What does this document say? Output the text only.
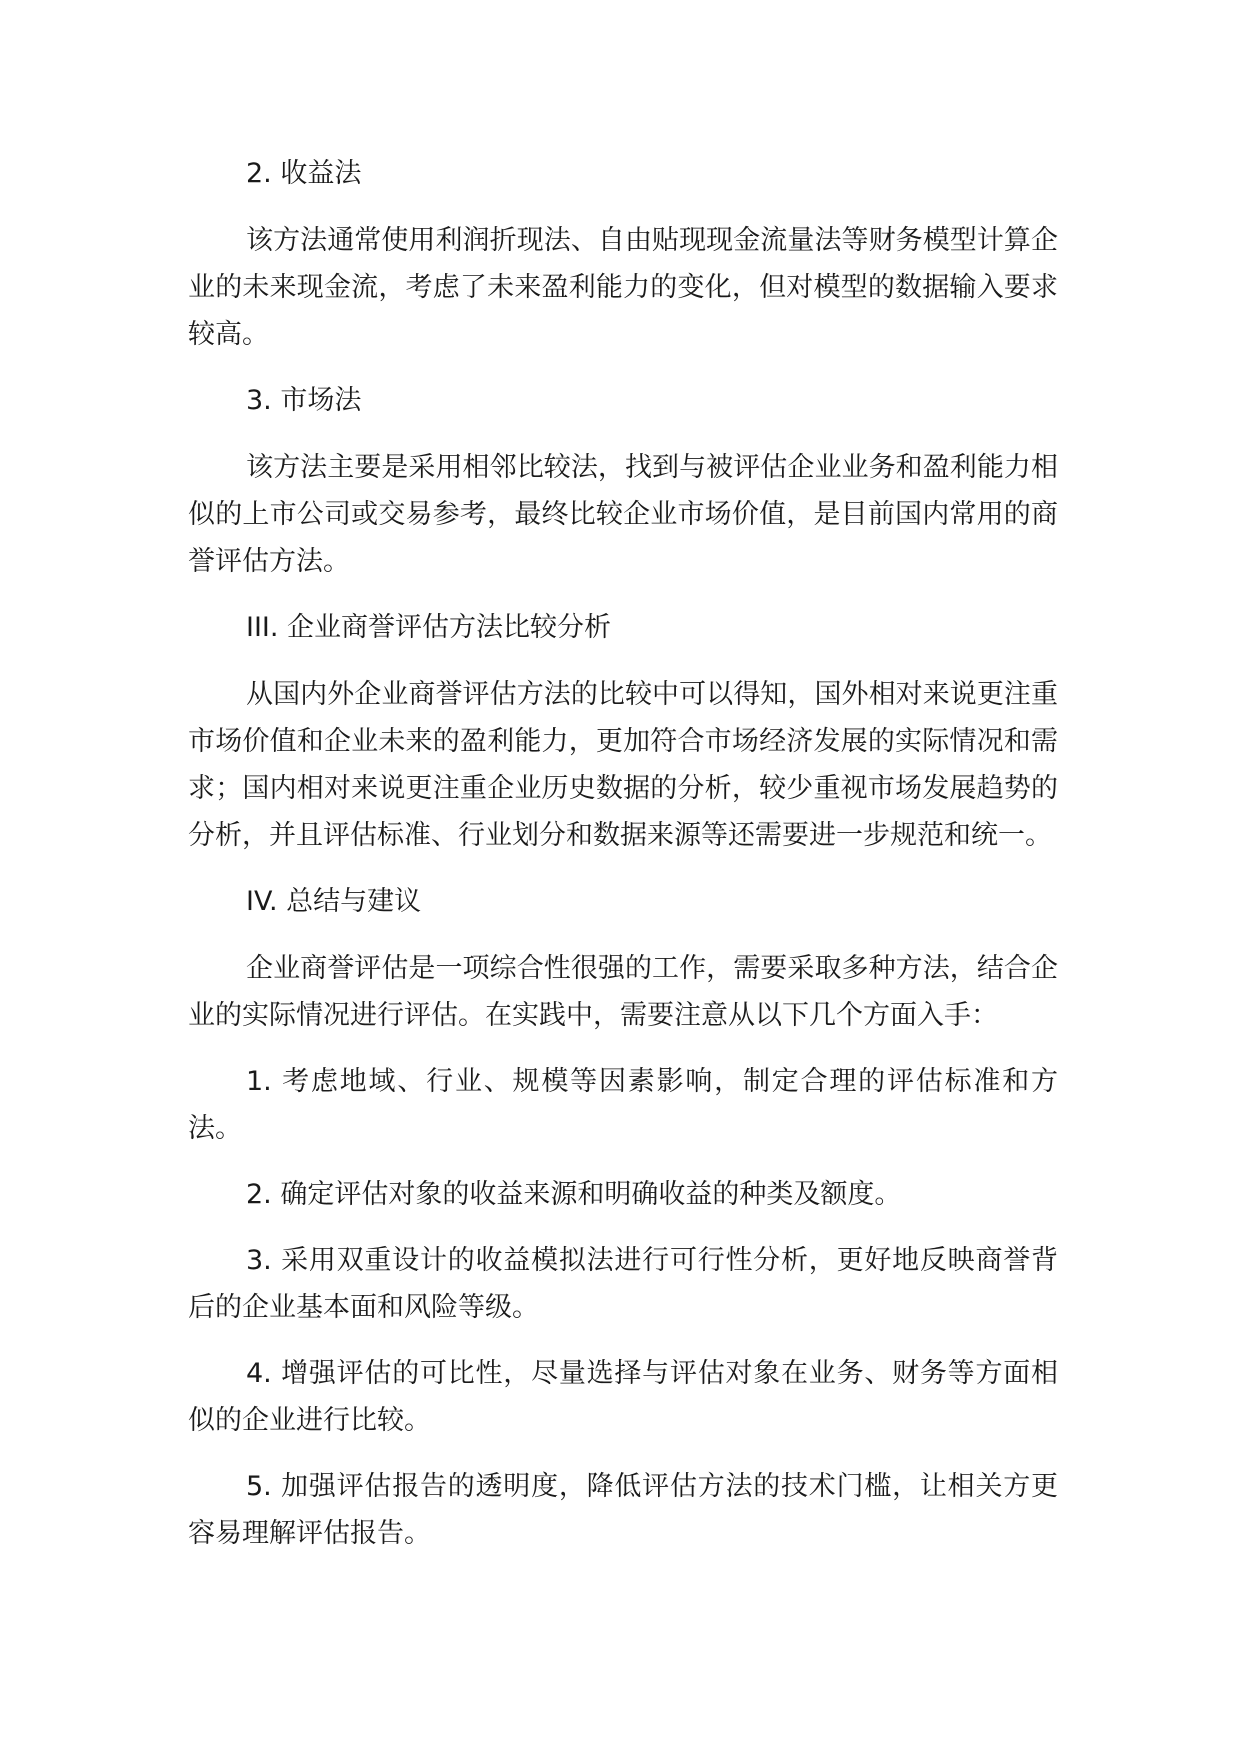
2. 收益法

该方法通常使用利润折现法、自由贴现现金流量法等财务模型计算企业的未来现金流，考虑了未来盈利能力的变化，但对模型的数据输入要求较高。

3. 市场法

该方法主要是采用相邻比较法，找到与被评估企业业务和盈利能力相似的上市公司或交易参考，最终比较企业市场价值，是目前国内常用的商誉评估方法。

III. 企业商誉评估方法比较分析

从国内外企业商誉评估方法的比较中可以得知，国外相对来说更注重市场价值和企业未来的盈利能力，更加符合市场经济发展的实际情况和需求；国内相对来说更注重企业历史数据的分析，较少重视市场发展趋势的分析，并且评估标准、行业划分和数据来源等还需要进一步规范和统一。

IV. 总结与建议

企业商誉评估是一项综合性很强的工作，需要采取多种方法，结合企业的实际情况进行评估。在实践中，需要注意从以下几个方面入手：

1. 考虑地域、行业、规模等因素影响，制定合理的评估标准和方法。

2. 确定评估对象的收益来源和明确收益的种类及额度。

3. 采用双重设计的收益模拟法进行可行性分析，更好地反映商誉背后的企业基本面和风险等级。

4. 增强评估的可比性，尽量选择与评估对象在业务、财务等方面相似的企业进行比较。

5. 加强评估报告的透明度，降低评估方法的技术门槛，让相关方更容易理解评估报告。
